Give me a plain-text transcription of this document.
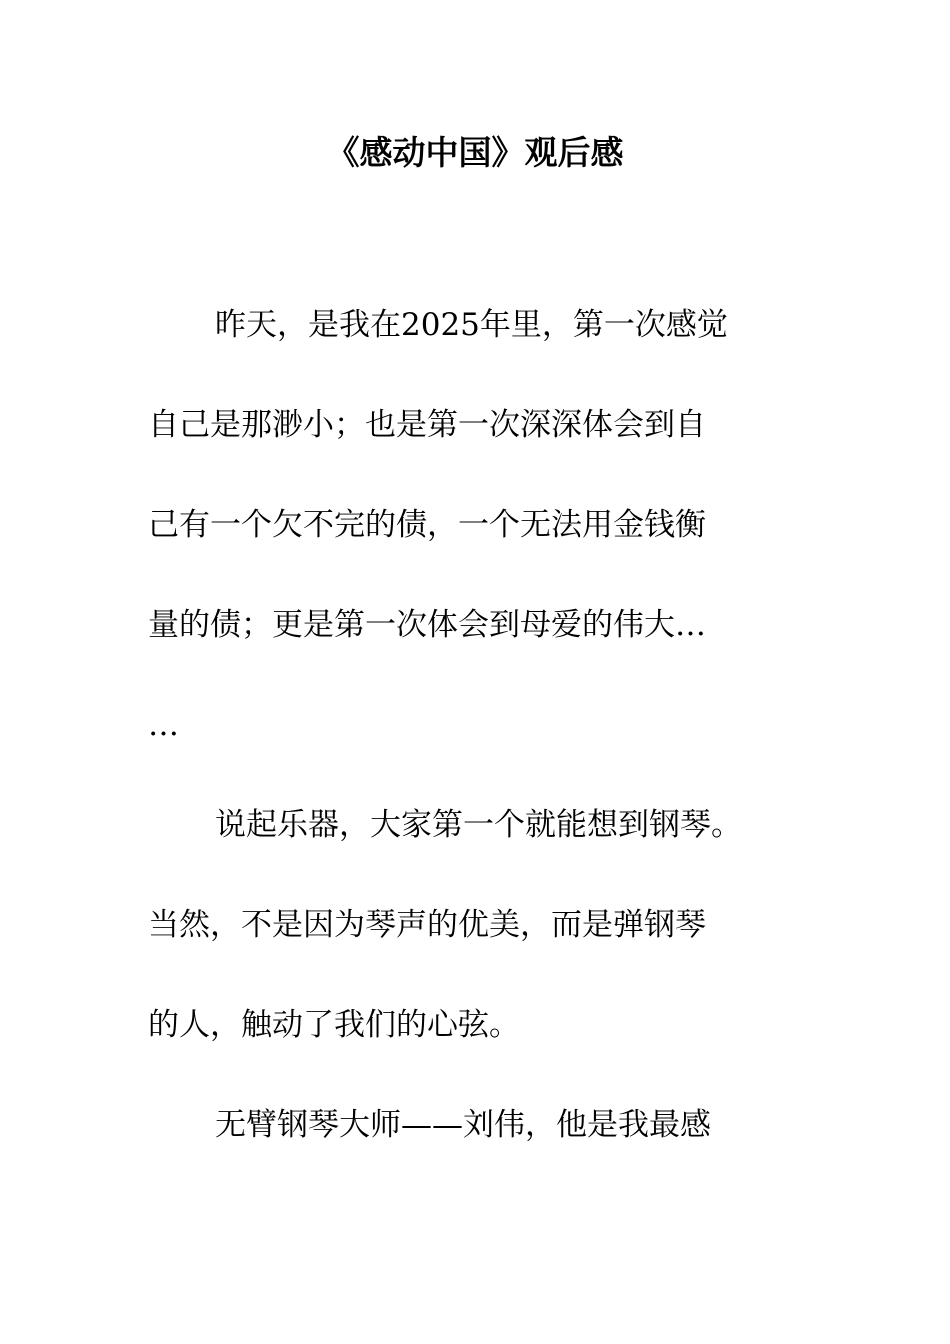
《感动中国》观后感
昨天，是我在2025年里，第一次感觉
自己是那渺小；也是第一次深深体会到自
己有一个欠不完的债，一个无法用金钱衡
量的债；更是第一次体会到母爱的伟大…
…
说起乐器，大家第一个就能想到钢琴。
当然，不是因为琴声的优美，而是弹钢琴
的人，触动了我们的心弦。
无臂钢琴大师——刘伟，他是我最感
